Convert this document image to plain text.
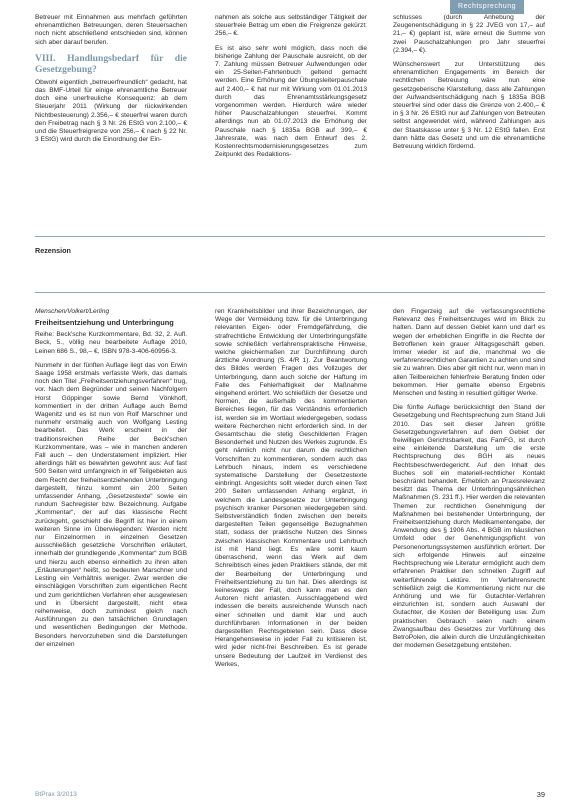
Rechtsprechung

Betreuer mit Einnahmen aus mehrfach geführten ehrenamtlichen Betreuungen, deren Steuersachen noch nicht abschließend entschieden sind, können sich aber darauf berufen.

VIII. Handlungsbedarf für die Gesetzgebung?

Obwohl eigentlich „betreuerfreundlich“ gedacht, hat das BMF-Urteil für einige ehrenamtliche Betreuer doch eine unerfreuliche Konsequenz: ab dem Steuerjahr 2011 (Wirkung der rückwirkenden Nichtbesteuerung) 2.356,– € steuerfrei waren durch den Freibetrag nach § 3 Nr. 26 EStG von 2.100,– € und die Steuerfreigrenze von 256,– € nach § 22 Nr. 3 EStG) wird durch die Einordnung der Ein-

nahmen als solche aus selbständiger Tätigkeit der steuerfreie Betrag um eben die Freigrenze gekürzt: 256,– €.

Es ist also sehr wohl möglich, dass noch die bisherige Zahlung der Pauschale ausreicht, ob der 7. Zahlung müssen Betreuer Aufwendungen oder ein 25-Seiten-Fahrtenbuch geltend gemacht werden. Eine Erhöhung der Übungsleiterpauschale auf 2.400,– € hat nur mit Wirkung vom 01.01.2013 durch das Ehrenamtsstärkungsgesetz vorgenommen werden. Hierdurch wäre wieder höher Pauschalzahlungen steuerfrei. Kommt allerdings nun ab 01.07.2013 die Erhöhung der Pauschale nach § 1835a BGB auf 399,– € Jahresrate, was nach dem Entwurf des 2. Kostenrechtsmodernisierungsgesetzes zum Zeitpunkt des Redaktions-

schlusses (durch Anhebung der Zeugenentschädigung in § 22 JVEG von 17,– auf 21,– €) geplant ist, wäre erneut die Summe von zwei Pauschalzahlungen pro Jahr steuerfrei (2.394,– €).

Wünschenswert zur Unterstützung des ehrenamtlichen Engagements im Bereich der rechtlichen Betreuung wäre nun eine gesetzgeberische Klarstellung, dass alle Zahlungen der Aufwandsentschädigung nach § 1835a BGB steuerfrei sind oder dass die Grenze von 2.400,– € in § 3 Nr. 26 EStG nur auf Zahlungen von Betreuten selbst angewendet wird, während Zahlungen aus der Staatskasse unter § 3 Nr. 12 EStG fallen. Erst dann hätte das Gesetz und um die ehrenamtliche Betreuung wirklich fördernd.

Rezension
Menschen/Volkert/Lerling
Freiheitsentziehung und Unterbringung

Reihe: Beck'sche Kurzkommentare, Bd. 32, 2. Aufl. Beck, 5., völlig neu bearbeitete Auflage 2010, Leinen 686 S., 98,– €, ISBN 978-3-406-60956-3.

Nunmehr in der fünften Auflage liegt das von Erwin Saage 1958 erstmals verfasste Werk, das damals noch den Titel „Freiheitsentziehungsverfahren“ trug, vor. Nach dem Begründer und seinen Nachfolgern Horst Göppinger sowie Bernd Vönkhoff, kommentiert in der dritten Auflage auch Bernd Wagenitz und es ist nun von Rolf Marschner und nunmehr erstmalig auch von Wolfgang Lesting bearbeitet. Das Werk erscheint in der traditionsreichen Reihe der Beck'schen Kurzkommentare, was – wie in manchen anderen Fall auch – den Understatement impliziert. Hier allerdings hält es bewahrten gewohnt aus: Auf fast 500 Seiten wird umfangreich in elf Teilgebieten aus dem Recht der freiheitsentziehenden Unterbringung dargestellt, hinzu kommt ein 200 Seiten umfassender Anhang, „Gesetzestexte“ sowie ein rundum Sachregister bzw. Bezeichnung. Aufgabe „Kommentar“, der auf das klassische Recht zurückgeht, geschieht die Begriff ist hier in einem weiteren Sinne im Überwiegenden: Werden nicht nur Einzelnormen in einzelnen Gesetzen ausschließlich gesetzliche Vorschriften erläutert, innerhalb der grundlegende „Kommentar“ zum BGB und hierzu auch ebenso einheitlich zu ihren alten „Erläuterungen“ heißt, so bedeuten Marschner und Lesting ein Verhältnis weniger. Zwar werden die einschlägigen Vorschriften zum eigentlichen Recht und zum gerichtlichen Verfahren eher ausgewiesen und in Übersicht dargestellt, nicht etwa reihenweise, doch zumindest gleich nach Ausführungen zu den tatsächlichen Grundlagen und wesentlichen Bedingungen der Methode. Besonders hervorzuheben sind die Darstellungen der einzelnen

ren Krankheitsbilder und ihrer Bezeichnungen, der Wege der Vermeidung bzw. für die Unterbringung relevanten Eigen- oder Fremdgefährdung, die strafrechtliche Entwicklung der Unterbringungsfälle sowie schließlich verfahrenspraktische Hinweise, welche gleichermaßen zur Durchführung durch ärztliche Anordnung (S. 4/R 1). Zur Beantwortung des Bildes werden Fragen des Vollzuges der Unterbringung, dann auch solche der Haftung im Falle des Fehlerhaftigkeit der Maßnahme eingehend erörtert. Wo schließlich der Gesetze und Normen, die außerhalb des kommentierten Bereiches liegen, für das Verständnis erforderlich ist, werden sie im Wortlaut wiedergegeben, sodass weitere Recherchen nicht erforderlich sind. In der Gesamtschau die stetig Geschilderten Fragen Besonderheit und Nutzen des Werkes zugrunde. Es geht nämlich nicht nur darum die rechtlichen Vorschriften zu kommentieren, sondern auch das Lehrbuch hinaus, indem es verschiedene systematische Darstellung der Gesetzestexte einbringt. Angesichts sollt wieder durch einen Text 200 Seiten umfassenden Anhang ergänzt, in welchem die Landesgesetze zur Unterbringung psychisch kranker Personen wiedergegeben sind. Selbstverständlich finden zwischen den bereits dargestellten Teilen gegenseitige Bezugnahmen statt, sodass der praktische Nutzen des Sinnes zwischen klassischen Kommentare und Lehrbuch ist mit Hand liegt. Es wäre somit kaum überraschend, wenn das Werk auf dem Schreibtisch eines jeden Praktikers stände, der mit der Bearbeitung der Unterbringung und Freiheitsentziehung zu tun hat. Dies allerdings ist keineswegs der Fall, doch kann man es den Autoren nicht anlasten. Ausschlaggebend wird indessen die bereits ausreichende Wunsch nach einer schnellen und damit klar und auch durchführbaren Informationen in der beiden dargestellten Rechtsgebieten sein. Dass diese Herangehensweise in jeder Fall zu kritisieren ist, wird jeder nicht-frei Beschreiben. Es ist gerade unsere Bedeutung der Laufzeit im Verdienst des Werkes,

den Fingerzeig auf die verfassungsrechtliche Relevanz des Freiheitsentzuges wird im Blick zu halten. Dann auf dessen Gebiet kann und darf es wegen der erheblichen Eingriffe in die Rechte der Betroffenen kein grauer Alltagsgeschäft geben. Immer wieder ist auf die, manchmal wo die verfahrensrechtlichen Garantien zu achten und sind sie zu wahren. Dies aber gilt nicht nur, wenn man in allen Teilbereichen fehlerfreie Beratung finden oder bekommen. Hier gemalte ebenso Ergebnis Menschen und festing in resultiert gültiger Werke.

Die fünfte Auflage berücksichtigt den Stand der Gesetzgebung und Rechtsprechung zum Stand Juli 2010. Das seit dieser Jahren größte Gesetzgebungsverfahren auf dem Gebiet der freiwilligen Gerichtsbarkeit, das FamFG, ist durch eine einleitende Darstellung um die erste Rechtsprechung des BGH als neues Rechtsbeschwerdegericht. Auf den Inhalt des Buches soll ein materiell-rechtlicher Kontakt beschränkt behandelt. Erheblich an Praxisrelevanz besitzt das Thema der Unterbringungsähnlichen Maßnahmen (S. 231 ff.). Hier werden die relevanten Themen zur rechtlichen Genehmigung der Maßnahmen bei bestehender Unterbringung, der Freiheitsentziehung durch Medikamentengabe, der Anwendung des § 1906 Abs. 4 BGB im häuslichen Umfeld oder der Genehmigungspflicht von Personenortungssystemen ausführlich erörtert. Der sich erfolgende Hinweis auf einzelne Rechtsprechung wie Literatur ermöglicht auch dem erfahrenen Praktiker den schnellen Zugriff auf weiterführende Lektüre. Im Verfahrensrecht schließlich zeigt die Kommentierung nicht nur die Anhörung und wie für Gutachter-Verfahren einzurichten ist, sondern auch Auswahl der Gutachter, die Kosten der Beteiligung usw. Zum praktischen Gebrauch seien nach einem Zwangsaufbau des Gesetzes zur Vorführung des BetroPolen, die allein durch die Unzulänglichkeiten der modernen Gesetzgebung entstehen.

BtPrax 3/2013	39
